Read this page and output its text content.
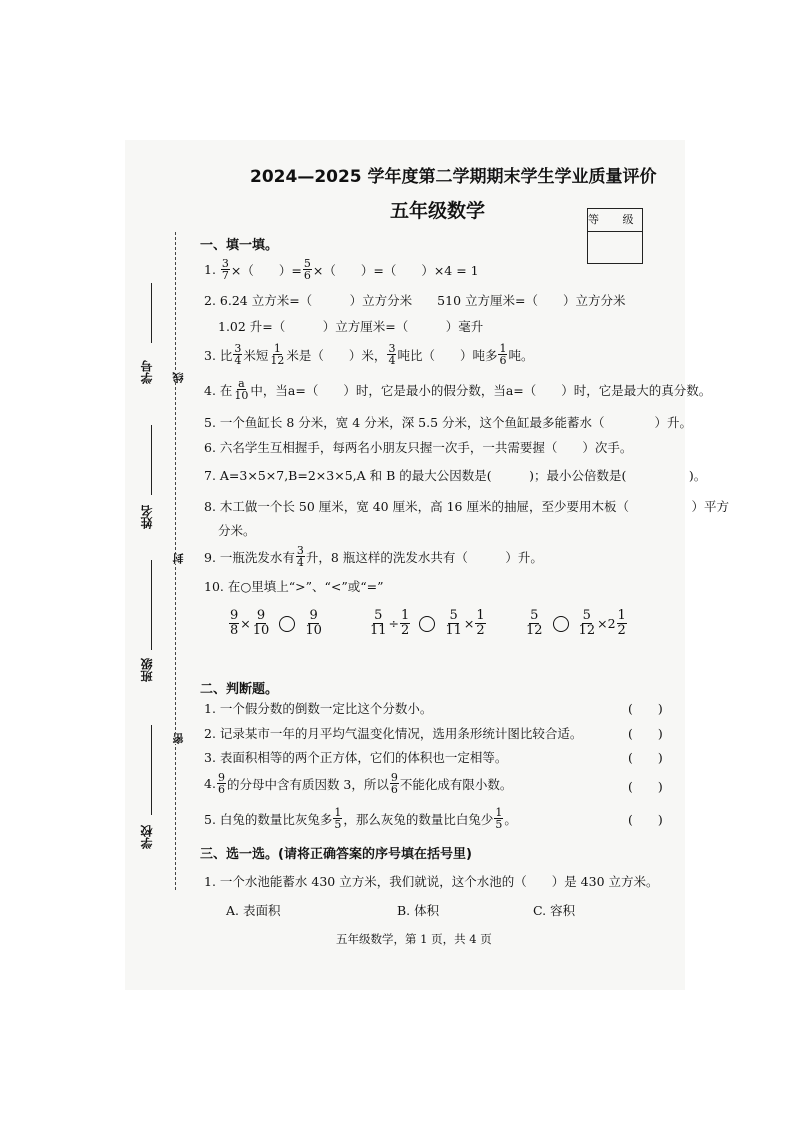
2024—2025 学年度第二学期期末学生学业质量评价
五年级数学	等 级
学号
姓名
班级
学校
线
封
密
一、填一填。
1.
$\frac{3}{7}$ ×（　　）= $\frac{5}{6}$ ×（　　）=（　　）×4 = 1
2. 6.24 立方米=（　　　）立方分米　　510 立方厘米=（　　）立方分米
1.02 升=（　　　）立方厘米=（　　　）毫升
3. 比 $\frac{3}{4}$ 米短 $\frac{1}{12}$ 米是（　　）米， $\frac{3}{4}$ 吨比（　　）吨多 $\frac{1}{6}$ 吨。
4. 在 $\frac{a}{10}$ 中，当a=（　　）时，它是最小的假分数，当a=（　　）时，它是最大的真分数。
5. 一个鱼缸长 8 分米，宽 4 分米，深 5.5 分米，这个鱼缸最多能蓄水（　　　　）升。
6. 六名学生互相握手，每两名小朋友只握一次手，一共需要握（　　）次手。
7. A=3×5×7,B=2×3×5,A 和 B 的最大公因数是(　　　)；最小公倍数是(　　　　　)。
8. 木工做一个长 50 厘米，宽 40 厘米，高 16 厘米的抽屉，至少要用木板（　　　　　）平方
分米。
9. 一瓶洗发水有 $\frac{3}{4}$ 升，8 瓶这样的洗发水共有（　　　）升。
10. 在○里填上“>”、“<”或“=”
$\frac{9}{8} \times \frac{9}{10}$	$\frac{9}{10}$	$\frac{5}{11} \div \frac{1}{2}$	$\frac{5}{11} \times \frac{1}{2}$	$\frac{5}{12}$	$\frac{5}{12} \times 2 \frac{1}{2}$
二、判断题。
1. 一个假分数的倒数一定比这个分数小。	(　　)
2. 记录某市一年的月平均气温变化情况，选用条形统计图比较合适。	(　　)
3. 表面积相等的两个正方体，它们的体积也一定相等。	(　　)
4. $\frac{9}{6}$ 的分母中含有质因数 3，所以 $\frac{9}{6}$ 不能化成有限小数。	(　　)
5. 白兔的数量比灰兔多 $\frac{1}{5}$ ，那么灰兔的数量比白兔少 $\frac{1}{5}$ 。	(　　)
三、选一选。(请将正确答案的序号填在括号里)
1. 一个水池能蓄水 430 立方米，我们就说，这个水池的（　　）是 430 立方米。
A. 表面积	B. 体积	C. 容积
五年级数学，第 1 页，共 4 页
